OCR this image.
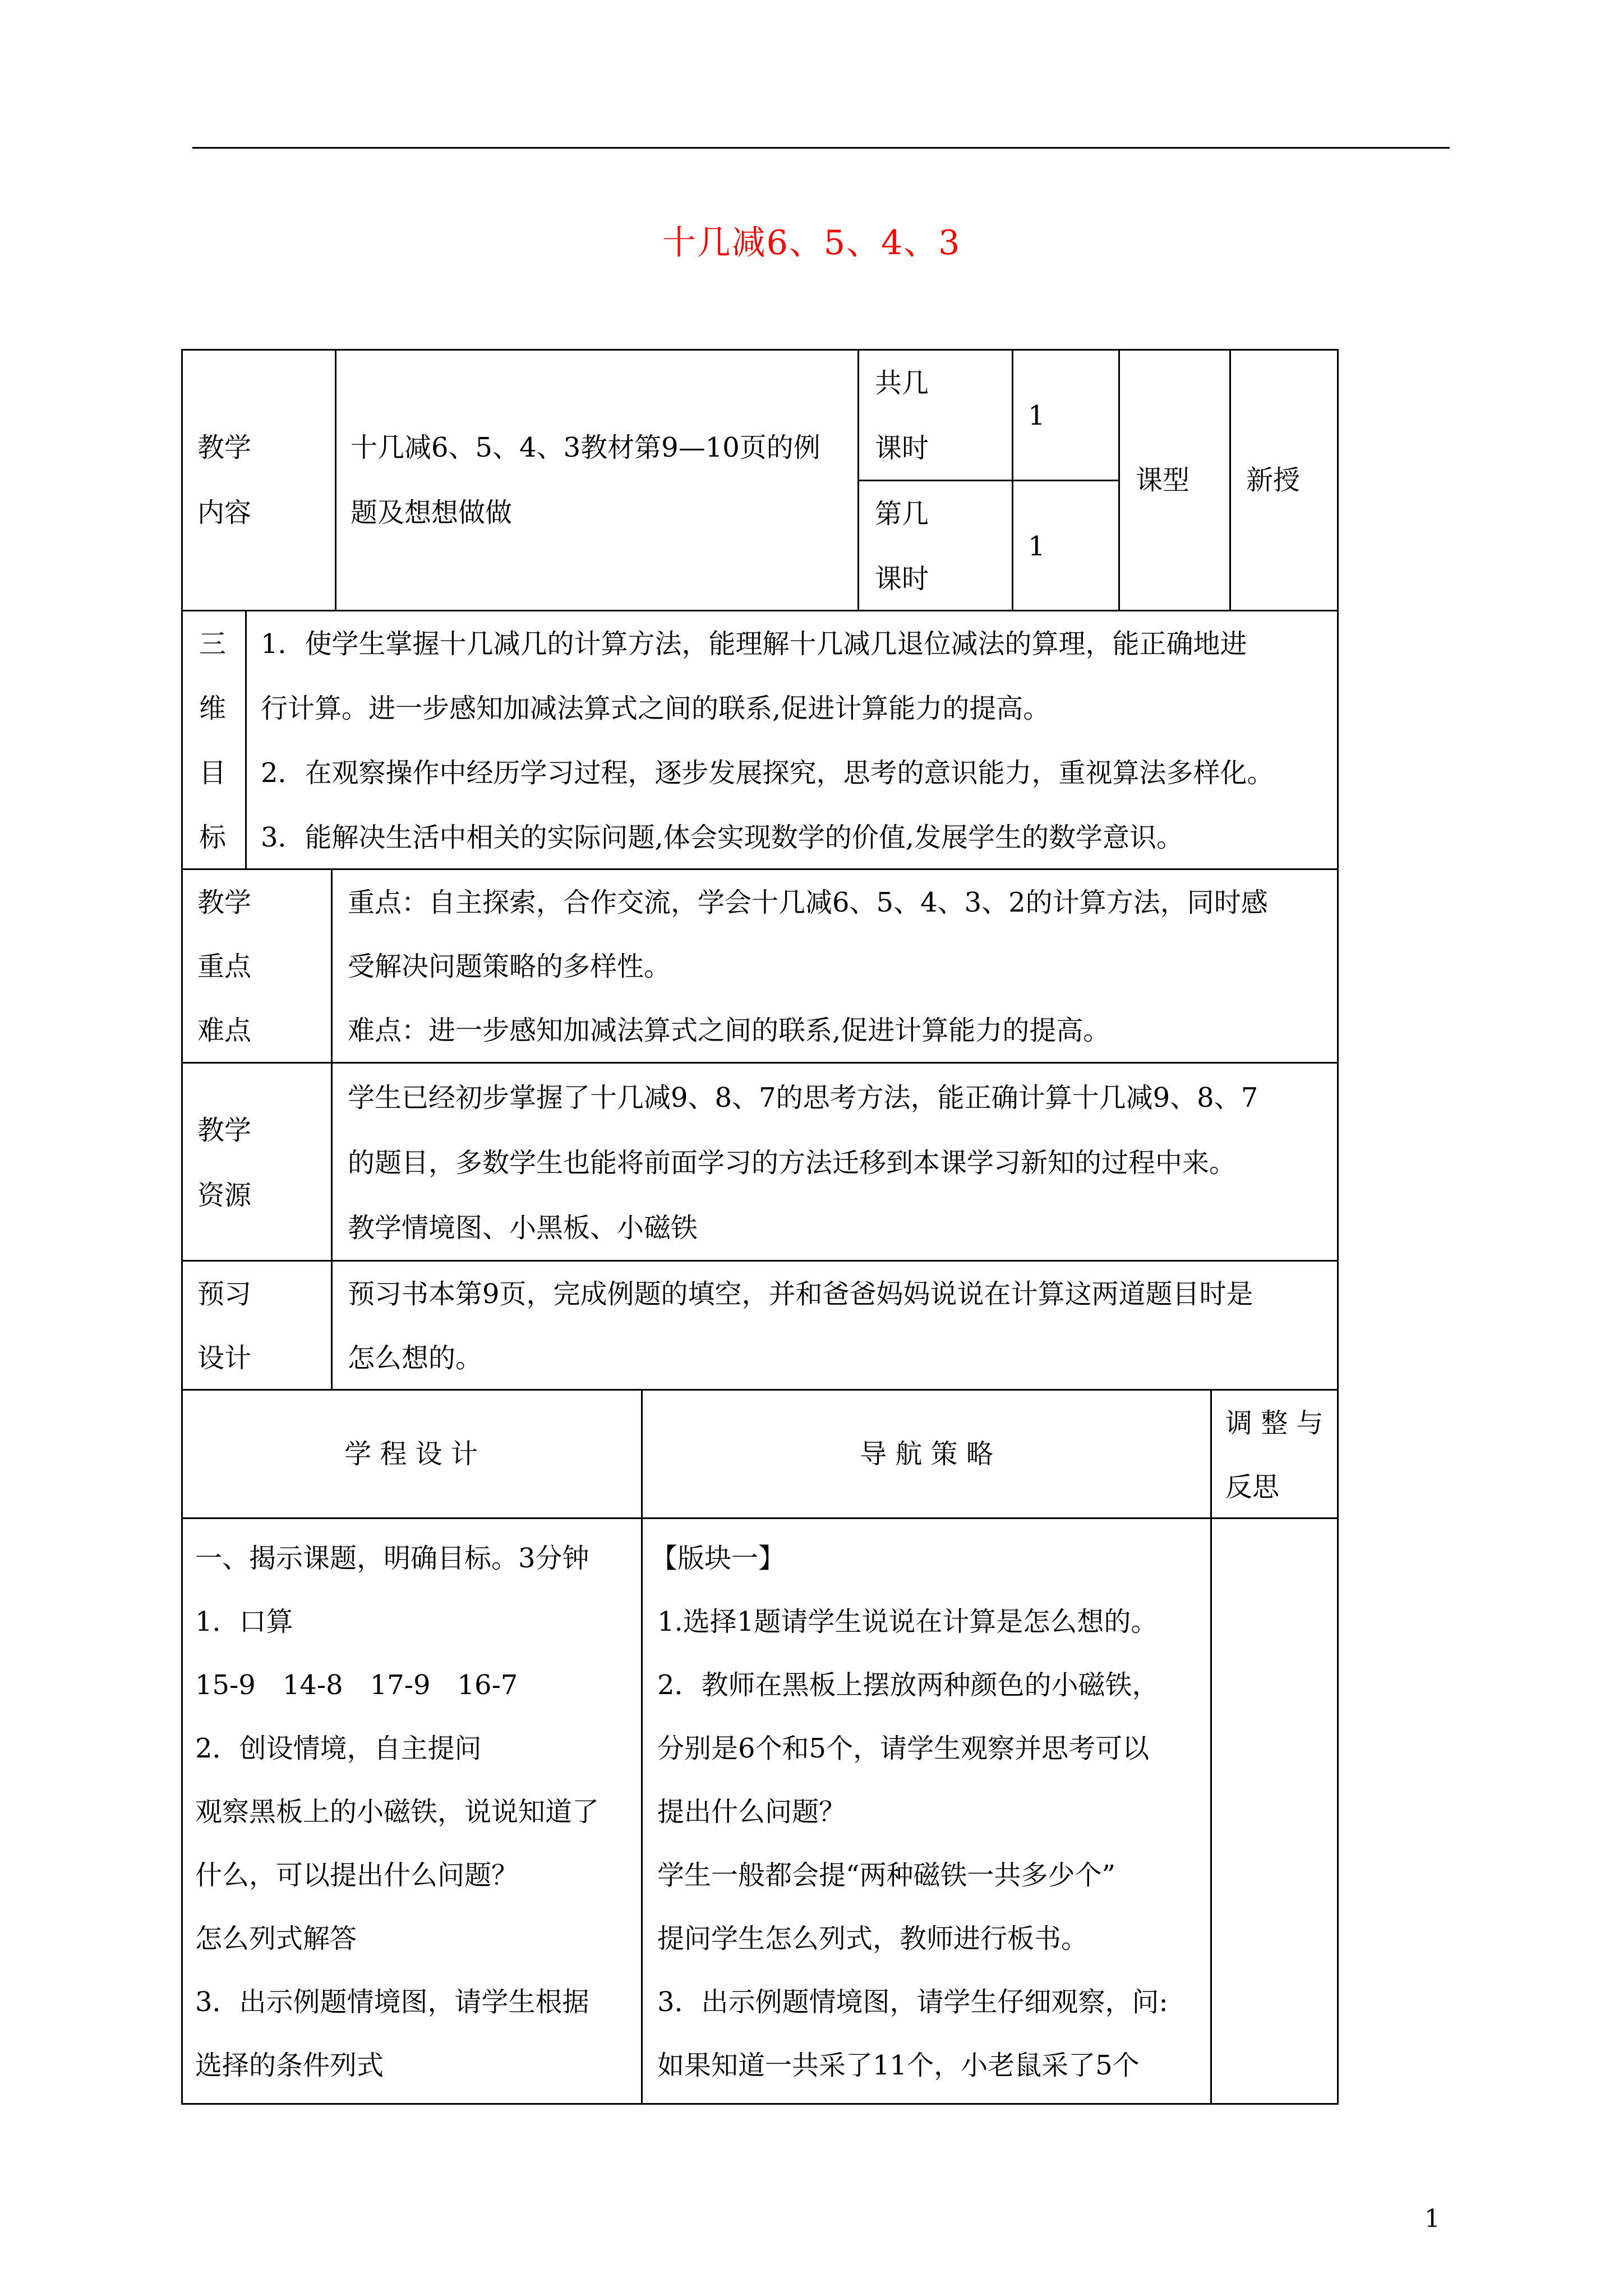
十几减6、5、4、3
教学
内容
十几减6、5、4、3教材第9—10页的例
题及想想做做
共几
课时
1
第几
课时
1
课型 新授
三
维
目
标
1．使学生掌握十几减几的计算方法，能理解十几减几退位减法的算理，能正确地进
行计算。进一步感知加减法算式之间的联系,促进计算能力的提高。
2．在观察操作中经历学习过程，逐步发展探究，思考的意识能力，重视算法多样化。
3．能解决生活中相关的实际问题,体会实现数学的价值,发展学生的数学意识。
教学
重点
难点
重点：自主探索，合作交流，学会十几减6、5、4、3、2的计算方法，同时感
受解决问题策略的多样性。
难点：进一步感知加减法算式之间的联系,促进计算能力的提高。
教学
资源
学生已经初步掌握了十几减9、8、7的思考方法，能正确计算十几减9、8、7
的题目，多数学生也能将前面学习的方法迁移到本课学习新知的过程中来。
教学情境图、小黑板、小磁铁
预习
设计
预习书本第9页，完成例题的填空，并和爸爸妈妈说说在计算这两道题目时是
怎么想的。
学 程 设 计	导 航 策 略
调 整 与
反思
一、揭示课题，明确目标。3分钟
1．口算
15-9　14-8　17-9　16-7
2．创设情境，自主提问
观察黑板上的小磁铁，说说知道了
什么，可以提出什么问题？
怎么列式解答
3．出示例题情境图，请学生根据
选择的条件列式
【版块一】
1.选择1题请学生说说在计算是怎么想的。
2．教师在黑板上摆放两种颜色的小磁铁，
分别是6个和5个，请学生观察并思考可以
提出什么问题？
学生一般都会提“两种磁铁一共多少个”
提问学生怎么列式，教师进行板书。
3．出示例题情境图，请学生仔细观察，问:
如果知道一共采了11个，小老鼠采了5个
1
